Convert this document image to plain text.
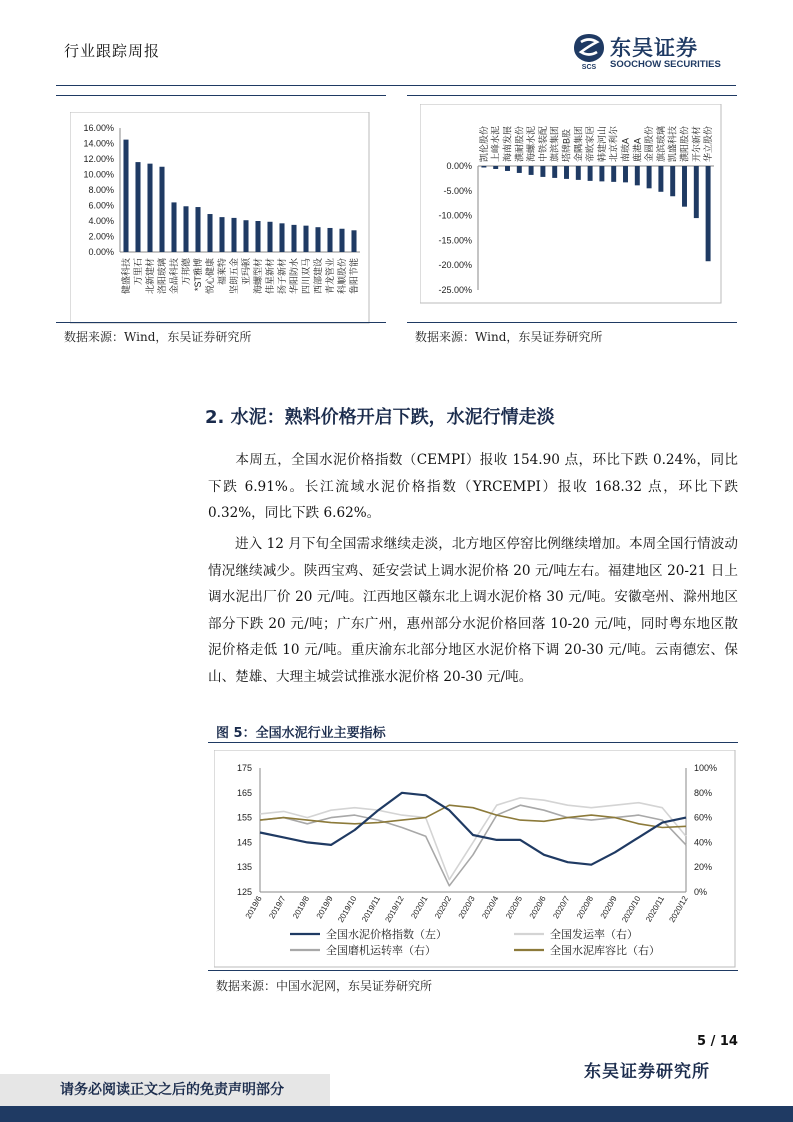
行业跟踪周报
SCS
东吴证券
SOOCHOW SECURITIES
16.00%
14.00%
12.00%
10.00%
8.00%
6.00%
4.00%
2.00%
0.00%
健盛科技 万里石 北新建材 洛阳玻璃 金晶科技 万邦德 *ST雅博 悦心健康 福莱特 坚朗五金 亚玛顿 海螺型材 伟星新材 扬子新材 华阳防水 四川双马 西部建设 青龙管业 科顺股份 鲁阳节能
0.00%
-5.00%
-10.00%
-15.00%
-20.00%
-25.00%
凯伦股份 上峰水泥 海南发展 濮耐股份 海螺水泥 中铁装配 旗滨集团 塔牌B股 金隅集团 帝欧家居 韩建河山 北京利尔 南玻A 鹿港A 金圆股份 旗滨玻璃 凯盛科技 濮阳股份 开尔新材 华立股份
数据来源：Wind，东吴证券研究所	数据来源：Wind，东吴证券研究所
2. 水泥：熟料价格开启下跌，水泥行情走淡
本周五，全国水泥价格指数（CEMPI）报收 154.90 点，环比下跌 0.24%，同比下跌 6.91%。长江流域水泥价格指数（YRCEMPI）报收 168.32 点，环比下跌 0.32%，同比下跌 6.62%。
进入 12 月下旬全国需求继续走淡，北方地区停窑比例继续增加。本周全国行情波动情况继续减少。陕西宝鸡、延安尝试上调水泥价格 20 元/吨左右。福建地区 20-21 日上调水泥出厂价 20 元/吨。江西地区赣东北上调水泥价格 30 元/吨。安徽亳州、滁州地区部分下跌 20 元/吨；广东广州，惠州部分水泥价格回落 10-20 元/吨，同时粤东地区散泥价格走低 10 元/吨。重庆渝东北部分地区水泥价格下调 20-30 元/吨。云南德宏、保山、楚雄、大理主城尝试推涨水泥价格 20-30 元/吨。
图 5：全国水泥行业主要指标
175
165
155
145
135
125
100%
80%
60%
40%
20%
0%
2019/6 2019/7 2019/8 2019/9 2019/10 2019/11 2019/12 2020/1 2020/2 2020/3 2020/4 2020/5 2020/6 2020/7 2020/8 2020/9 2020/10 2020/11 2020/12
全国水泥价格指数（左）	全国发运率（右）
全国磨机运转率（右）	全国水泥库容比（右）
数据来源：中国水泥网，东吴证券研究所
5 / 14
东吴证券研究所
请务必阅读正文之后的免责声明部分
